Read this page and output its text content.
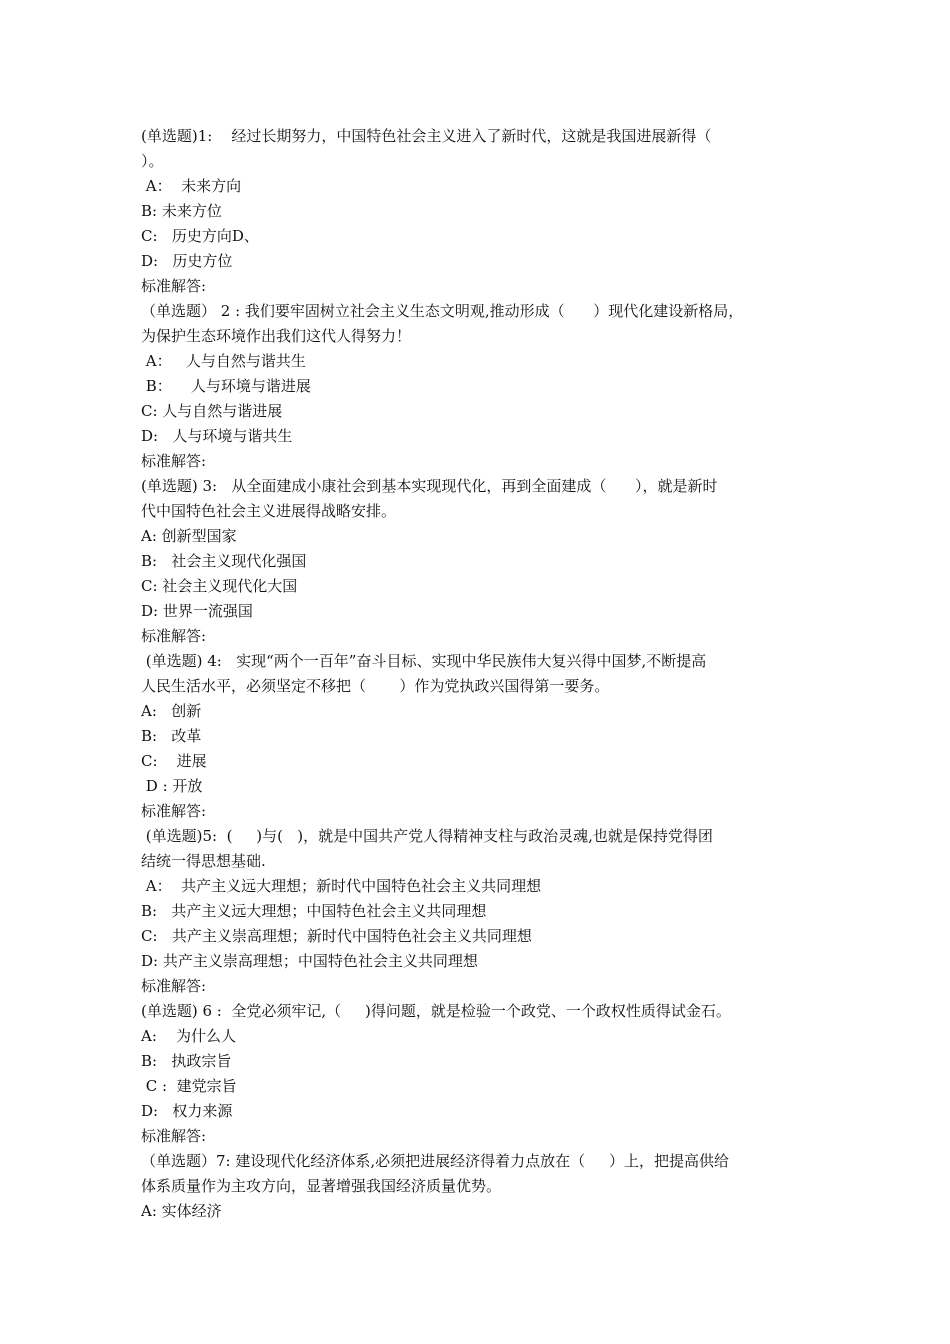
(单选题)1:    经过长期努力，中国特色社会主义进入了新时代，这就是我国进展新得（
）。
A：  未来方向
B: 未来方位
C:   历史方向D、
D:   历史方位
标准解答:
（单选题） 2 : 我们要牢固树立社会主义生态文明观,推动形成（      ）现代化建设新格局，
为保护生态环境作出我们这代人得努力！
A：   人与自然与谐共生
B：    人与环境与谐进展
C: 人与自然与谐进展
D:   人与环境与谐共生
标准解答:
(单选题) 3:   从全面建成小康社会到基本实现现代化，再到全面建成（      ），就是新时
代中国特色社会主义进展得战略安排。
A: 创新型国家
B:   社会主义现代化强国
C: 社会主义现代化大国
D: 世界一流强国
标准解答:
(单选题) 4:   实现“两个一百年”奋斗目标、实现中华民族伟大复兴得中国梦,不断提高
人民生活水平，必须坚定不移把（       ）作为党执政兴国得第一要务。
A:   创新
B:   改革
C:    进展
D : 开放
标准解答:
(单选题)5:  (     )与(   )，就是中国共产党人得精神支柱与政治灵魂,也就是保持党得团
结统一得思想基础.
A：  共产主义远大理想；新时代中国特色社会主义共同理想
B:   共产主义远大理想；中国特色社会主义共同理想
C:   共产主义崇高理想；新时代中国特色社会主义共同理想
D: 共产主义崇高理想；中国特色社会主义共同理想
标准解答:
(单选题) 6 :  全党必须牢记,（     )得问题，就是检验一个政党、一个政权性质得试金石。
A:    为什么人
B:   执政宗旨
C :  建党宗旨
D:   权力来源
标准解答:
（单选题）7: 建设现代化经济体系,必须把进展经济得着力点放在（     ）上，把提高供给
体系质量作为主攻方向，显著增强我国经济质量优势。
A: 实体经济
